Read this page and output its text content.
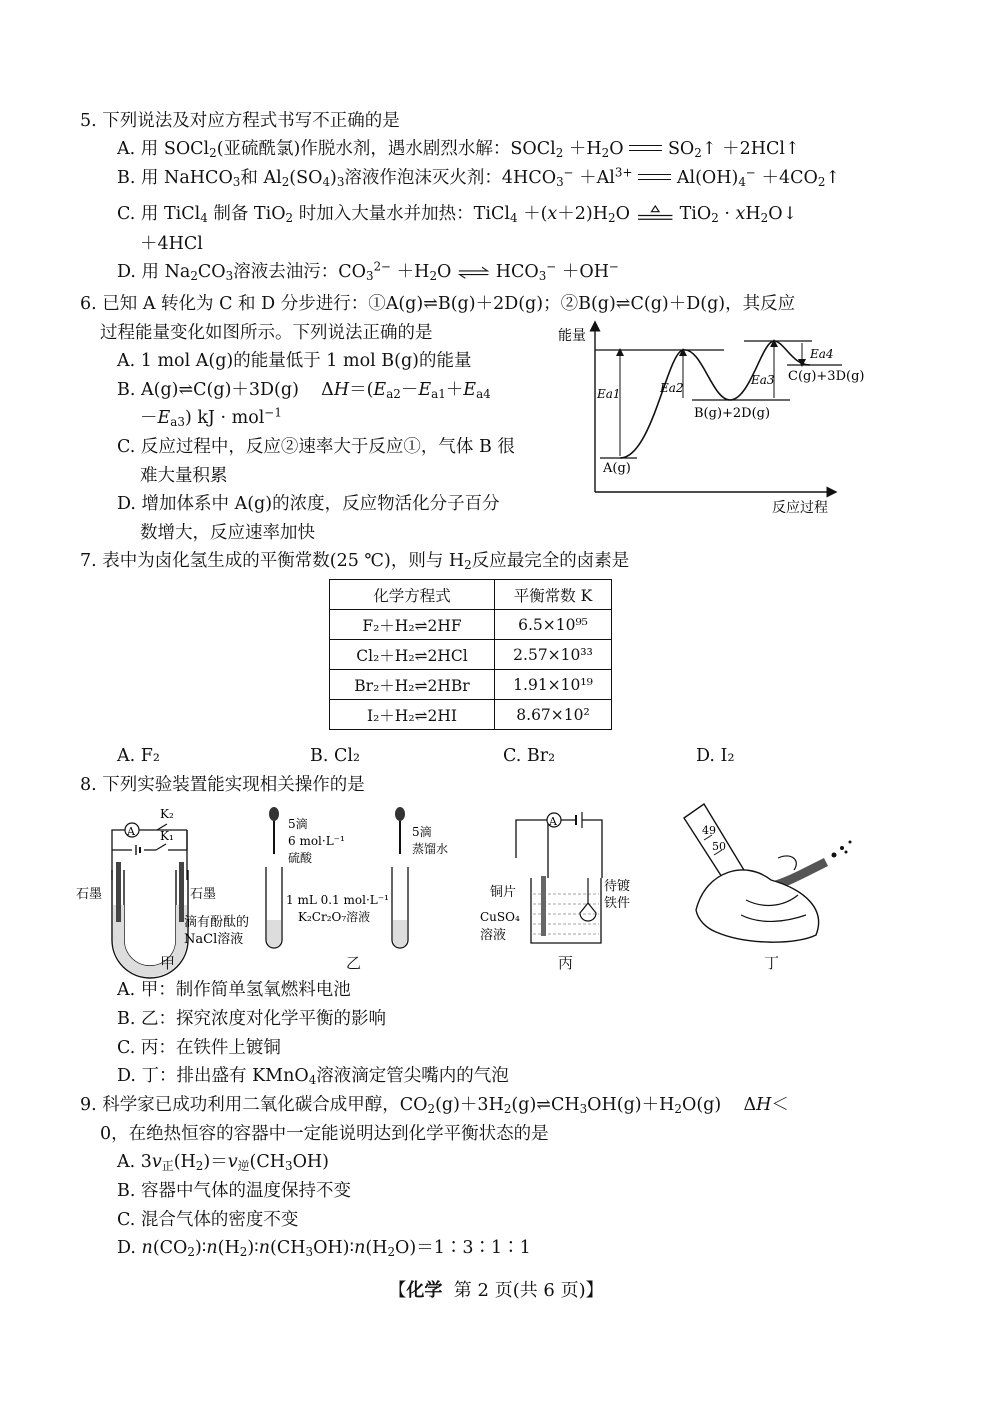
5. 下列说法及对应方程式书写不正确的是
A. 用 SOCl$_2$(亚硫酰氯)作脱水剂，遇水剧烈水解：SOCl$_2$ $+H_2O$  $SO_2↑$ ＋2HCl↑
B. 用 NaHCO$_3$和 $Al_2(SO_4)_3$溶液作泡沫灭火剂：$4HCO_3^- +Al^{3+}$  $Al(OH)_4^-$ $+4CO_2↑$
C. 用 TiCl$_4$ 制备 TiO$_2$ 时加入大量水并加热：TiCl$_4$ $+(x+2)H_2O$  $TiO_2 \cdot xH_2O↓$
＋4HCl
D. 用 $Na_2CO_3$溶液去油污：$CO_3^{2-} +H_2O$  $HCO_3^- +OH^-$
6. 已知 A 转化为 C 和 D 分步进行：①A(g)⇌B(g)＋2D(g)；②B(g)⇌C(g)＋D(g)，其反应
过程能量变化如图所示。下列说法正确的是
A. 1 mol A(g)的能量低于 1 mol B(g)的能量
B. A(g)⇌C(g)＋3D(g)    $\Delta H=(E_{a2}-E_{a1}+E_{a4}$
$-E_{a3}$) kJ · mol$^{-1}$
C. 反应过程中，反应②速率大于反应①，气体 B 很
难大量积累
D. 增加体系中 A(g)的浓度，反应物活化分子百分
数增大，反应速率加快
能量
反应过程
A(g)
B(g)+2D(g)
C(g)+3D(g)
Ea1	Ea2
Ea3
Ea4
7. 表中为卤化氢生成的平衡常数(25 ℃)，则与 $H_2$反应最完全的卤素是
化学方程式	平衡常数 K
F₂＋H₂⇌2HF	6.5×10⁹⁵
Cl₂＋H₂⇌2HCl	2.57×10³³
Br₂＋H₂⇌2HBr	1.91×10¹⁹
I₂＋H₂⇌2HI	8.67×10²
A. F₂	B. Cl₂	C. Br₂	D. I₂
8. 下列实验装置能实现相关操作的是
A
K₂
K₁
石墨	石墨
滴有酚酞的
NaCl溶液
甲
5滴
6 mol·L⁻¹
硫酸
5滴
蒸馏水
1 mL 0.1 mol·L⁻¹
K₂Cr₂O₇溶液
乙
A
铜片
CuSO₄
溶液
待镀
铁件
丙
49
50
丁
A. 甲：制作简单氢氧燃料电池
B. 乙：探究浓度对化学平衡的影响
C. 丙：在铁件上镀铜
D. 丁：排出盛有 KMnO$_4$溶液滴定管尖嘴内的气泡
9. 科学家已成功利用二氧化碳合成甲醇，$CO_2(g)+3H_2(g)\rightleftharpoons CH_3OH(g)+H_2O(g)$    ΔH＜
0，在绝热恒容的容器中一定能说明达到化学平衡状态的是
A. $3v_正(H_2)=v_逆(CH_3OH)$
B. 容器中气体的温度保持不变
C. 混合气体的密度不变
D. $n(CO_2)∶n(H_2)∶n(CH_3OH)∶n(H_2O)=1∶3∶1∶1$
【化学 第 2 页(共 6 页)】
